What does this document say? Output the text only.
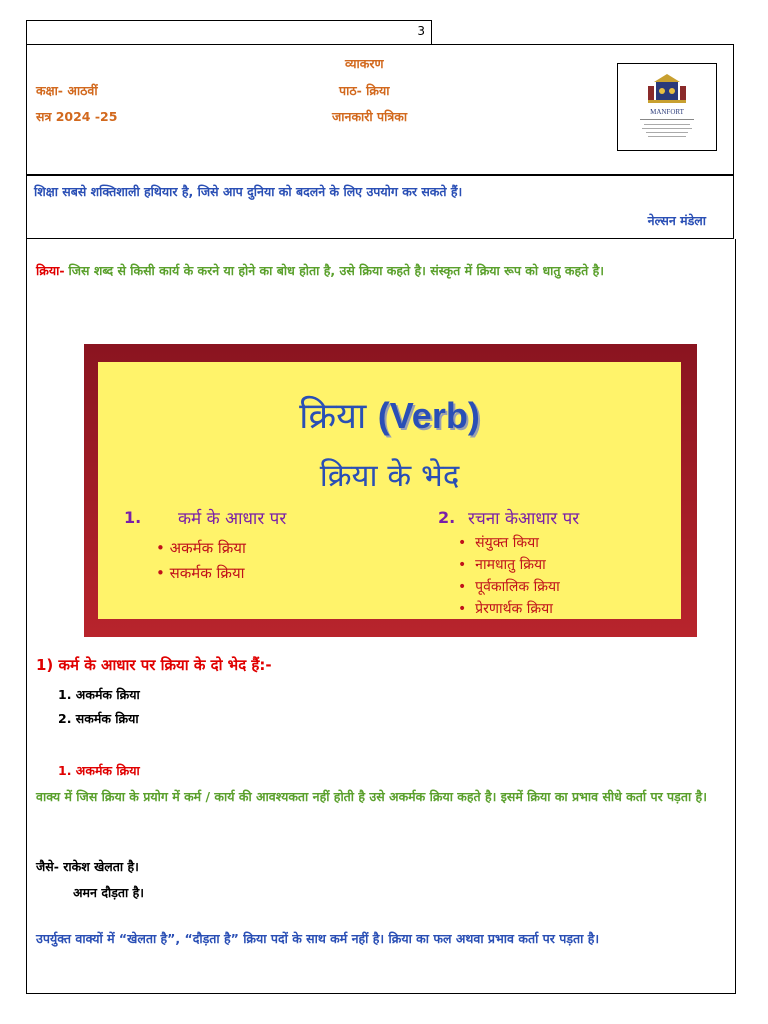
3
व्याकरण
कक्षा- आठवीं	पाठ- क्रिया
सत्र 2024 -25	जानकारी पत्रिका	MANFORT
शिक्षा सबसे शक्तिशाली हथियार है, जिसे आप दुनिया को बदलने के लिए उपयोग कर सकते हैं।
नेल्सन मंडेला
क्रिया- जिस शब्द से किसी कार्य के करने या होने का बोध होता है, उसे क्रिया कहते है। संस्कृत में क्रिया रूप को धातु कहते है।
क्रिया (Verb)
क्रिया के भेद
1. कर्म के आधार पर
• अकर्मक क्रिया
• सकर्मक क्रिया
2. रचना केआधार पर
•  संयुक्त किया
•  नामधातु क्रिया
•  पूर्वकालिक क्रिया
•  प्रेरणार्थक क्रिया
1) कर्म के आधार पर क्रिया के दो भेद हैं:-
1. अकर्मक क्रिया
2. सकर्मक क्रिया
1. अकर्मक क्रिया
वाक्य में जिस क्रिया के प्रयोग में कर्म / कार्य की आवश्यकता नहीं होती है उसे अकर्मक क्रिया कहते है। इसमें क्रिया का प्रभाव सीधे कर्ता पर पड़ता है।
जैसे- राकेश खेलता है।
अमन दौड़ता है।
उपर्युक्त वाक्यों में “खेलता है”, “दौड़ता है” क्रिया पदों के साथ कर्म नहीं है। क्रिया का फल अथवा प्रभाव कर्ता पर पड़ता है।
